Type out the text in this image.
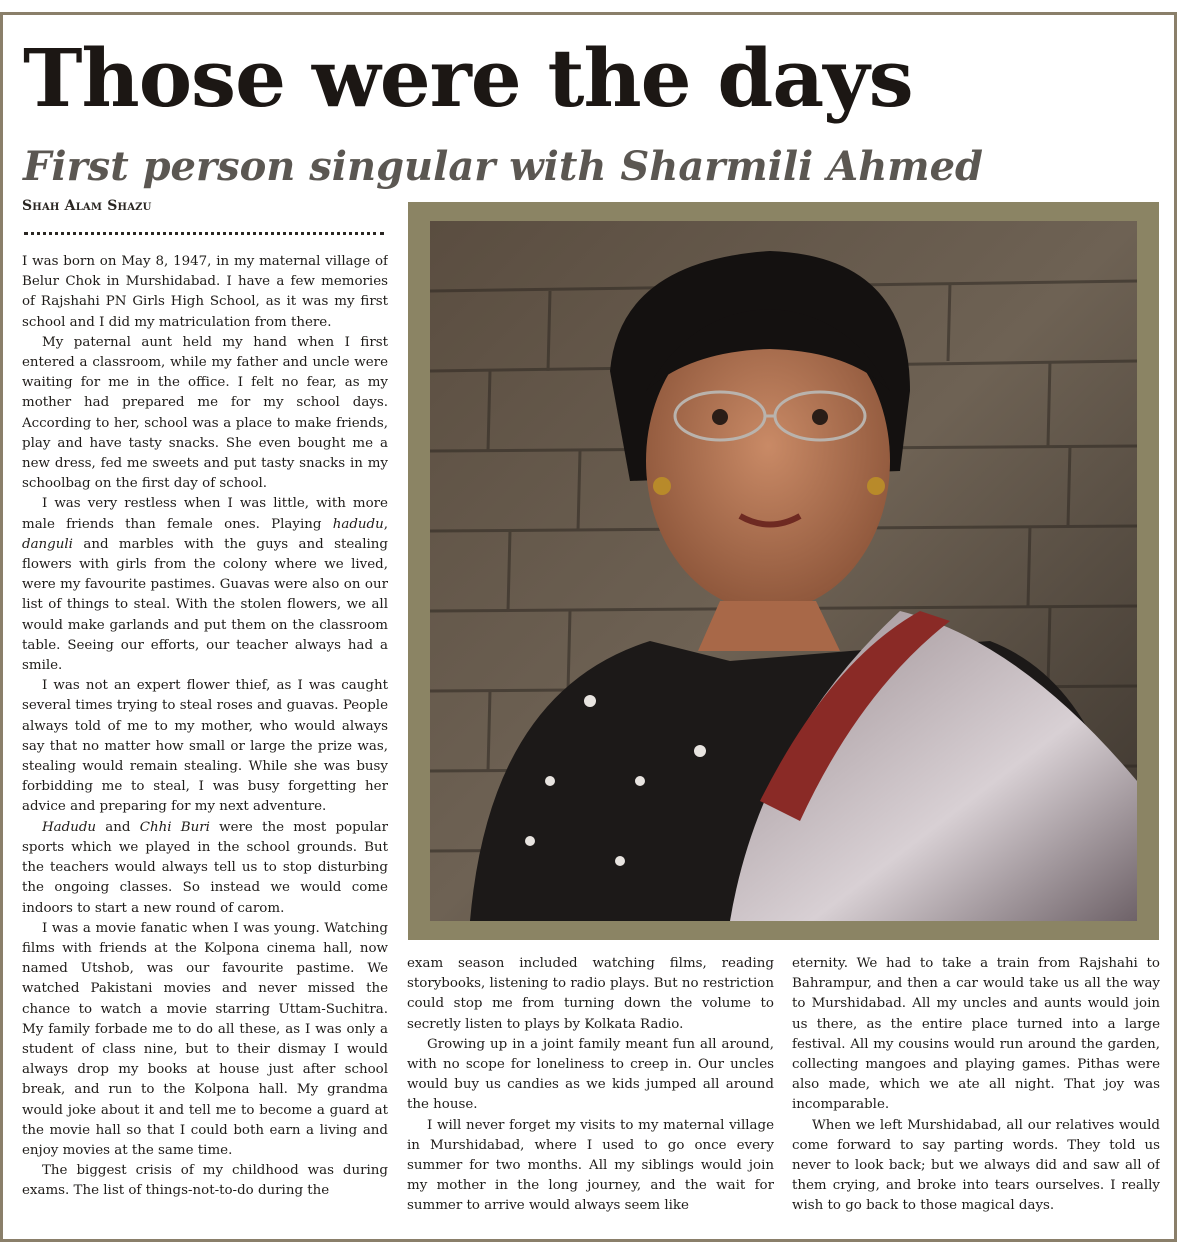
Those were the days
First person singular with Sharmili Ahmed
Shah Alam Shazu

I was born on May 8, 1947, in my maternal village of Belur Chok in Murshidabad. I have a few memories of Rajshahi PN Girls High School, as it was my first school and I did my matriculation from there.

My paternal aunt held my hand when I first entered a classroom, while my father and uncle were waiting for me in the office. I felt no fear, as my mother had prepared me for my school days. According to her, school was a place to make friends, play and have tasty snacks. She even bought me a new dress, fed me sweets and put tasty snacks in my schoolbag on the first day of school.

I was very restless when I was little, with more male friends than female ones. Playing hadudu, danguli and marbles with the guys and stealing flowers with girls from the colony where we lived, were my favourite pastimes. Guavas were also on our list of things to steal. With the stolen flowers, we all would make garlands and put them on the classroom table. Seeing our efforts, our teacher always had a smile.

I was not an expert flower thief, as I was caught several times trying to steal roses and guavas. People always told of me to my mother, who would always say that no matter how small or large the prize was, stealing would remain stealing. While she was busy forbidding me to steal, I was busy forgetting her advice and preparing for my next adventure.

Hadudu and Chhi Buri were the most popular sports which we played in the school grounds. But the teachers would always tell us to stop disturbing the ongoing classes. So instead we would come indoors to start a new round of carom.

I was a movie fanatic when I was young. Watching films with friends at the Kolpona cinema hall, now named Utshob, was our favourite pastime. We watched Pakistani movies and never missed the chance to watch a movie starring Uttam-Suchitra. My family forbade me to do all these, as I was only a student of class nine, but to their dismay I would always drop my books at house just after school break, and run to the Kolpona hall. My grandma would joke about it and tell me to become a guard at the movie hall so that I could both earn a living and enjoy movies at the same time.

The biggest crisis of my childhood was during exams. The list of things-not-to-do during the

exam season included watching films, reading storybooks, listening to radio plays. But no restriction could stop me from turning down the volume to secretly listen to plays by Kolkata Radio.

Growing up in a joint family meant fun all around, with no scope for loneliness to creep in. Our uncles would buy us candies as we kids jumped all around the house.

I will never forget my visits to my maternal village in Murshidabad, where I used to go once every summer for two months. All my siblings would join my mother in the long journey, and the wait for summer to arrive would always seem like

eternity. We had to take a train from Rajshahi to Bahrampur, and then a car would take us all the way to Murshidabad. All my uncles and aunts would join us there, as the entire place turned into a large festival. All my cousins would run around the garden, collecting mangoes and playing games. Pithas were also made, which we ate all night. That joy was incomparable.

When we left Murshidabad, all our relatives would come forward to say parting words. They told us never to look back; but we always did and saw all of them crying, and broke into tears ourselves. I really wish to go back to those magical days.
